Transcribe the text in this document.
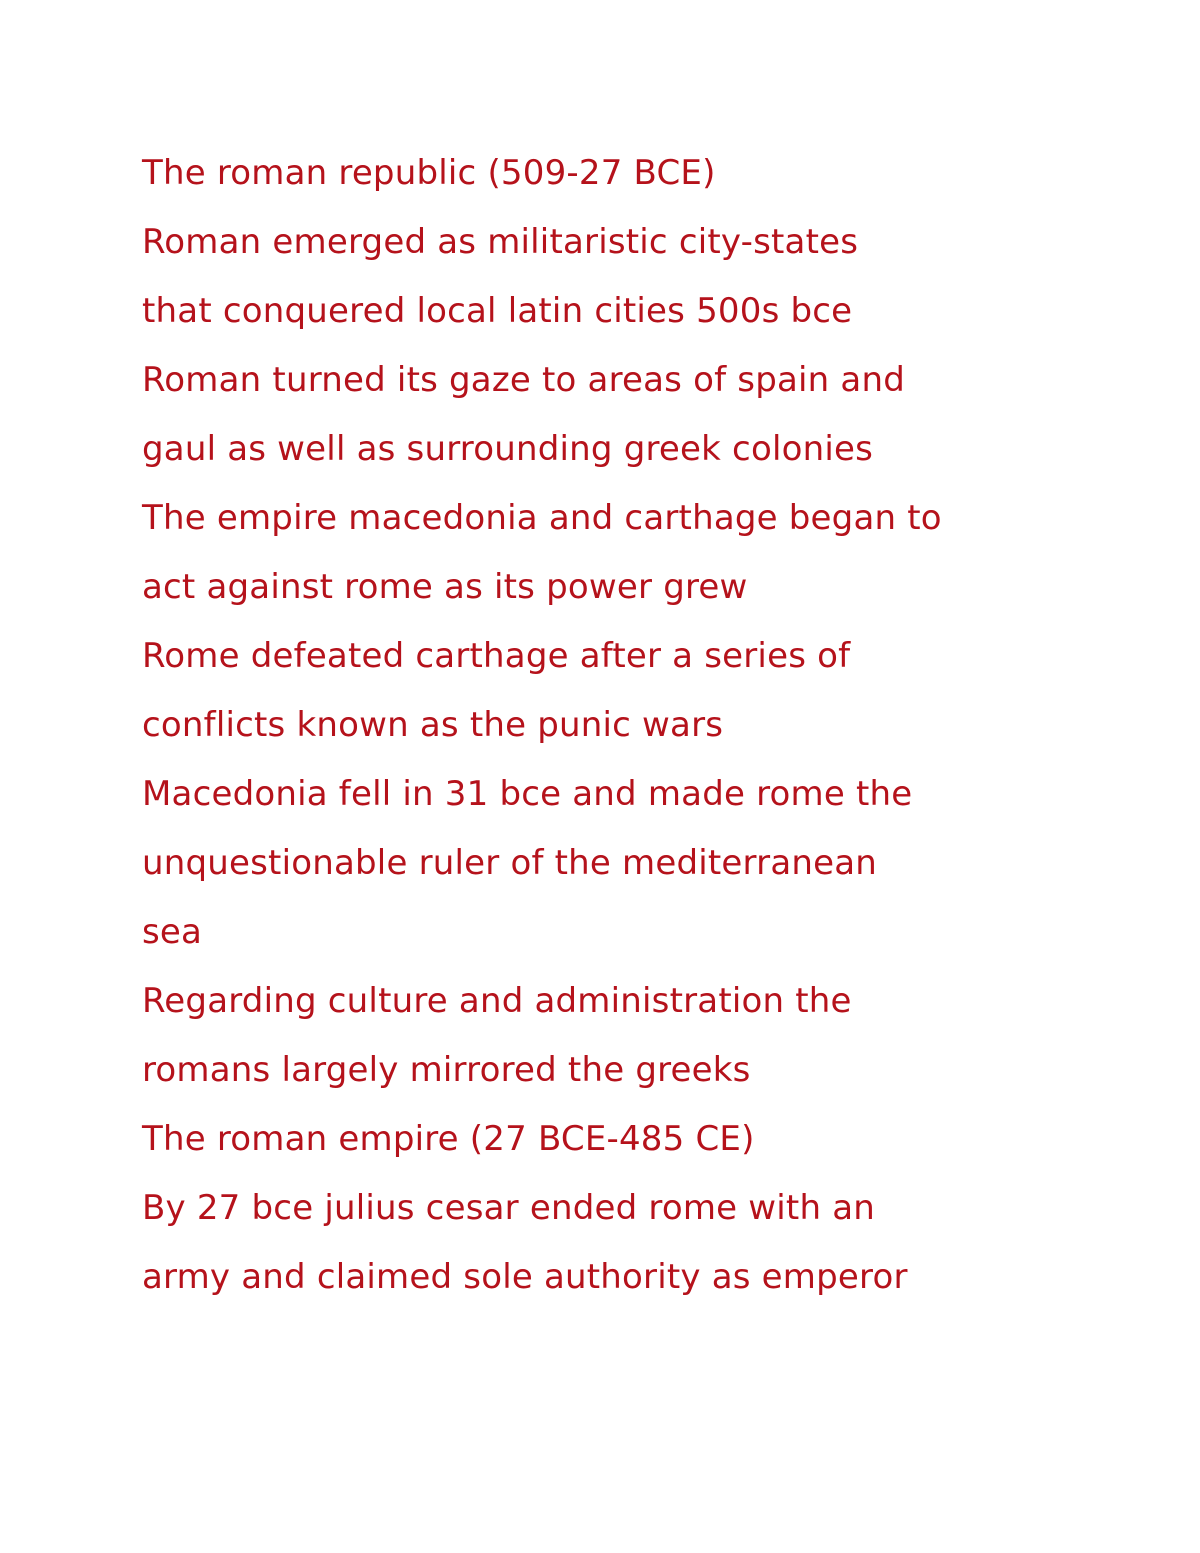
The roman republic (509-27 BCE)
Roman emerged as militaristic city-states
that conquered local latin cities 500s bce
Roman turned its gaze to areas of spain and
gaul as well as surrounding greek colonies
The empire macedonia and carthage began to
act against rome as its power grew
Rome defeated carthage after a series of
conflicts known as the punic wars
Macedonia fell in 31 bce and made rome the
unquestionable ruler of the mediterranean
sea
Regarding culture and administration the
romans largely mirrored the greeks
The roman empire (27 BCE-485 CE)
By 27 bce julius cesar ended rome with an
army and claimed sole authority as emperor
